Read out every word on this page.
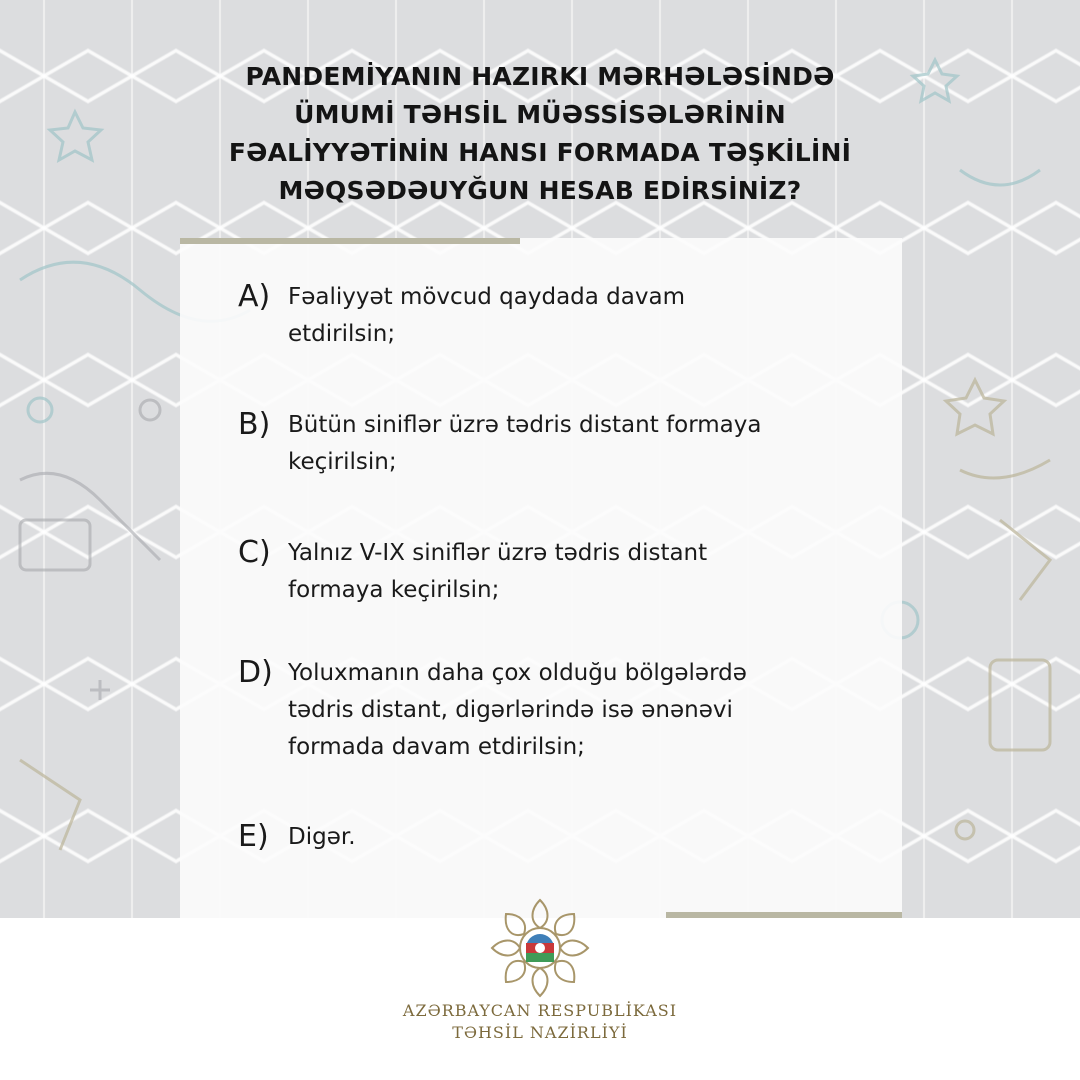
PANDEMİYANIN HAZIRKI MƏRHƏLƏSİNDƏ
ÜMUMİ TƏHSİL MÜƏSSİSƏLƏRİNİN
FƏALİYYƏTİNİN HANSI FORMADA TƏŞKİLİNİ
MƏQSƏDƏUYĞUN HESAB EDİRSİNİZ?
A) Fəaliyyət mövcud qaydada davam
etdirilsin;
B) Bütün siniflər üzrə tədris distant formaya
keçirilsin;
C) Yalnız V-IX siniflər üzrə tədris distant
formaya keçirilsin;
D) Yoluxmanın daha çox olduğu bölgələrdə
tədris distant, digərlərində isə ənənəvi
formada davam etdirilsin;
E) Digər.
AZƏRBAYCAN RESPUBLİKASI
TƏHSİL NAZİRLİYİ
